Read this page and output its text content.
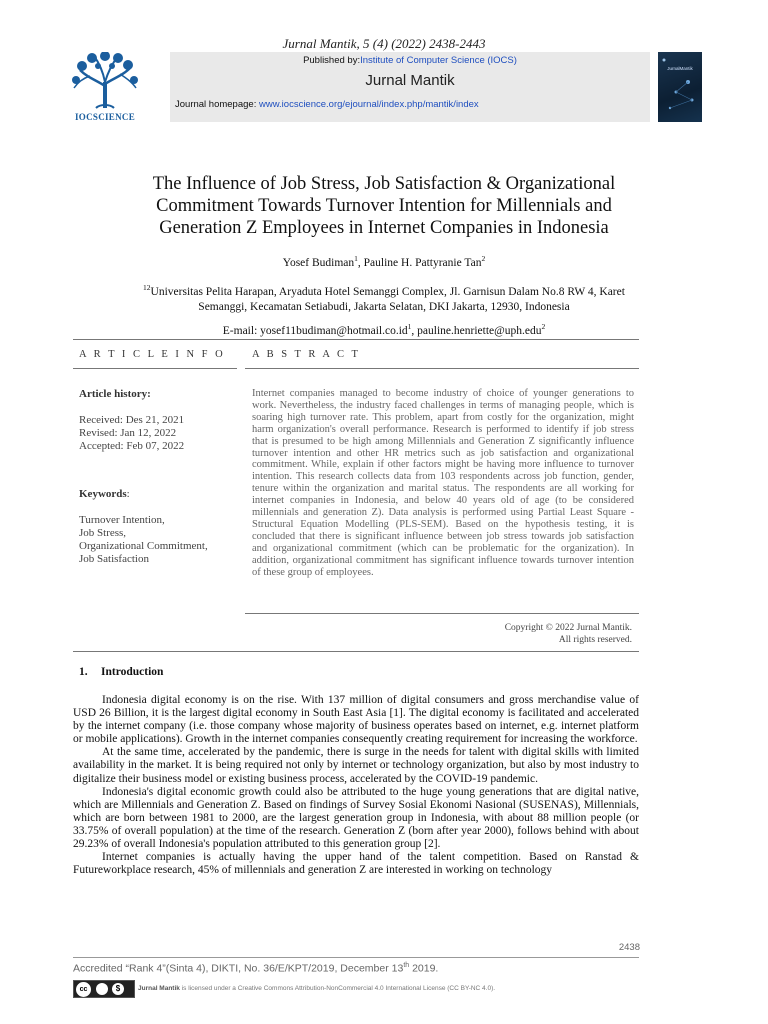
Jurnal Mantik, 5 (4) (2022) 2438-2443
IOCSCIENCE
Published by:Institute of Computer Science (IOCS)
Jurnal Mantik
Journal homepage: www.iocscience.org/ejournal/index.php/mantik/index
JurnalMantik
The Influence of Job Stress, Job Satisfaction & Organizational
Commitment Towards Turnover Intention for Millennials and
Generation Z Employees in Internet Companies in Indonesia
Yosef Budiman$^1$, Pauline H. Pattyranie Tan$^2$
$^{12}$Universitas Pelita Harapan, Aryaduta Hotel Semanggi Complex, Jl. Garnisun Dalam No.8 RW 4, Karet
Semanggi, Kecamatan Setiabudi, Jakarta Selatan, DKI Jakarta, 12930, Indonesia
E-mail: $yosef11budiman@hotmail.co.id^1$, pauline.henriette@uph.edu$^2$
A R T I C L E I N F O	A B S T R A C T
Article history:
Received: Des 21, 2021
Revised: Jan 12, 2022
Accepted: Feb 07, 2022
Keywords:
Turnover Intention,
Job Stress,
Organizational Commitment,
Job Satisfaction
Internet companies managed to become industry of choice of younger generations to work. Nevertheless, the industry faced challenges in terms of managing people, which is soaring high turnover rate. This problem, apart from costly for the organization, might harm organization's overall performance. Research is performed to identify if job stress that is presumed to be high among Millennials and Generation Z significantly influence turnover intention and other HR metrics such as job satisfaction and organizational commitment. While, explain if other factors might be having more influence to turnover intention. This research collects data from 103 respondents across job function, gender, tenure within the organization and marital status. The respondents are all working for internet companies in Indonesia, and below 40 years old of age (to be considered millennials and generation Z). Data analysis is performed using Partial Least Square - Structural Equation Modelling (PLS-SEM). Based on the hypothesis testing, it is concluded that there is significant influence between job stress towards job satisfaction and organizational commitment (which can be problematic for the organization). In addition, organizational commitment has significant influence towards turnover intention of these group of employees.
Copyright © 2022 Jurnal Mantik.
All rights reserved.
1. Introduction

Indonesia digital economy is on the rise. With 137 million of digital consumers and gross merchandise value of USD 26 Billion, it is the largest digital economy in South East Asia [1]. The digital economy is facilitated and accelerated by the internet company (i.e. those company whose majority of business operates based on internet, e.g. internet platform or mobile applications). Growth in the internet companies consequently creating requirement for increasing the workforce.

At the same time, accelerated by the pandemic, there is surge in the needs for talent with digital skills with limited availability in the market. It is being required not only by internet or technology organization, but also by most industry to digitalize their business model or existing business process, accelerated by the COVID-19 pandemic.

Indonesia's digital economic growth could also be attributed to the huge young generations that are digital native, which are Millennials and Generation Z. Based on findings of Survey Sosial Ekonomi Nasional (SUSENAS), Millennials, which are born between 1981 to 2000, are the largest generation group in Indonesia, with about 88 million people (or 33.75% of overall population) at the time of the research. Generation Z (born after year 2000), follows behind with about 29.23% of overall Indonesia's population attributed to this generation group [2].

Internet companies is actually having the upper hand of the talent competition. Based on Ranstad & Futureworkplace research, 45% of millennials and generation Z are interested in working on technology

2438
Accredited “Rank 4”(Sinta 4), DIKTI, No. 36/E/KPT/2019, December 13th 2019.
cc	$	Jurnal Mantik is licensed under a Creative Commons Attribution-NonCommercial 4.0 International License (CC BY-NC 4.0).
